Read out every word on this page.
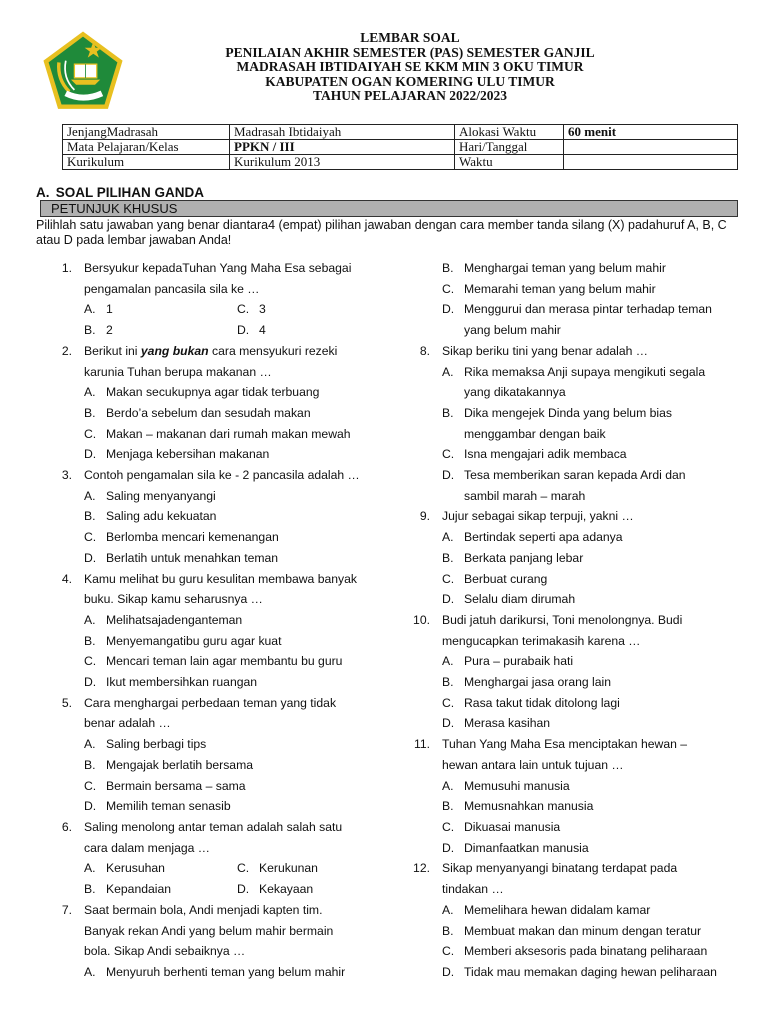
LEMBAR SOAL
PENILAIAN AKHIR SEMESTER (PAS) SEMESTER GANJIL
MADRASAH IBTIDAIYAH SE KKM MIN 3 OKU TIMUR
KABUPATEN OGAN KOMERING ULU TIMUR
TAHUN PELAJARAN 2022/2023
JenjangMadrasah	Madrasah Ibtidaiyah	Alokasi Waktu	60 menit
Mata Pelajaran/Kelas	PPKN / III	Hari/Tanggal	
Kurikulum	Kurikulum 2013	Waktu	
A. SOAL PILIHAN GANDA
PETUNJUK KHUSUS
Pilihlah satu jawaban yang benar diantara4 (empat) pilihan jawaban dengan cara member tanda silang (X) padahuruf A, B, C atau D pada lembar jawaban Anda!
1. Bersyukur kepadaTuhan Yang Maha Esa sebagai
pengamalan pancasila sila ke …
A. 1	C. 3
B. 2	D. 4
2. Berikut ini yang bukan cara mensyukuri rezeki
karunia Tuhan berupa makanan …
A. Makan secukupnya agar tidak terbuang
B. Berdo’a sebelum dan sesudah makan
C. Makan – makanan dari rumah makan mewah
D. Menjaga kebersihan makanan
3. Contoh pengamalan sila ke - 2 pancasila adalah …
A. Saling menyanyangi
B. Saling adu kekuatan
C. Berlomba mencari kemenangan
D. Berlatih untuk menahkan teman
4. Kamu melihat bu guru kesulitan membawa banyak
buku. Sikap kamu seharusnya …
A. Melihatsajadenganteman
B. Menyemangatibu guru agar kuat
C. Mencari teman lain agar membantu bu guru
D. Ikut membersihkan ruangan
5. Cara menghargai perbedaan teman yang tidak
benar adalah …
A. Saling berbagi tips
B. Mengajak berlatih bersama
C. Bermain bersama – sama
D. Memilih teman senasib
6. Saling menolong antar teman adalah salah satu
cara dalam menjaga …
A. Kerusuhan	C. Kerukunan
B. Kepandaian	D. Kekayaan
7. Saat bermain bola, Andi menjadi kapten tim.
Banyak rekan Andi yang belum mahir bermain
bola. Sikap Andi sebaiknya …
A. Menyuruh berhenti teman yang belum mahir
B. Menghargai teman yang belum mahir
C. Memarahi teman yang belum mahir
D. Menggurui dan merasa pintar terhadap teman
yang belum mahir
8. Sikap beriku tini yang benar adalah …
A. Rika memaksa Anji supaya mengikuti segala
yang dikatakannya
B. Dika mengejek Dinda yang belum bias
menggambar dengan baik
C. Isna mengajari adik membaca
D. Tesa memberikan saran kepada Ardi dan
sambil marah – marah
9. Jujur sebagai sikap terpuji, yakni …
A. Bertindak seperti apa adanya
B. Berkata panjang lebar
C. Berbuat curang
D. Selalu diam dirumah
10. Budi jatuh darikursi, Toni menolongnya. Budi
mengucapkan terimakasih karena …
A. Pura – purabaik hati
B. Menghargai jasa orang lain
C. Rasa takut tidak ditolong lagi
D. Merasa kasihan
11. Tuhan Yang Maha Esa menciptakan hewan –
hewan antara lain untuk tujuan …
A. Memusuhi manusia
B. Memusnahkan manusia
C. Dikuasai manusia
D. Dimanfaatkan manusia
12. Sikap menyanyangi binatang terdapat pada
tindakan …
A. Memelihara hewan didalam kamar
B. Membuat makan dan minum dengan teratur
C. Memberi aksesoris pada binatang peliharaan
D. Tidak mau memakan daging hewan peliharaan
